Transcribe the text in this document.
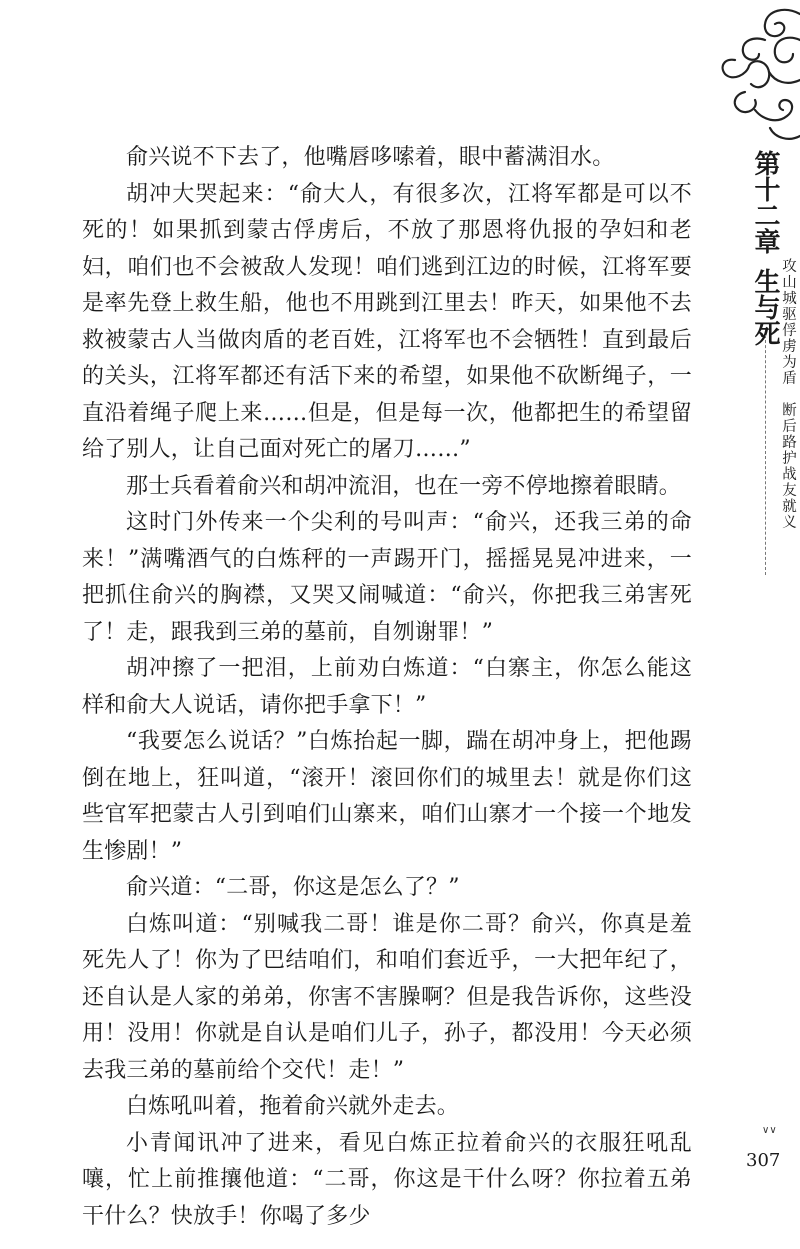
俞兴说不下去了，他嘴唇哆嗦着，眼中蓄满泪水。

胡冲大哭起来：“俞大人，有很多次，江将军都是可以不死的！如果抓到蒙古俘虏后，不放了那恩将仇报的孕妇和老妇，咱们也不会被敌人发现！咱们逃到江边的时候，江将军要是率先登上救生船，他也不用跳到江里去！昨天，如果他不去救被蒙古人当做肉盾的老百姓，江将军也不会牺牲！直到最后的关头，江将军都还有活下来的希望，如果他不砍断绳子，一直沿着绳子爬上来……但是，但是每一次，他都把生的希望留给了别人，让自己面对死亡的屠刀……”

那士兵看着俞兴和胡冲流泪，也在一旁不停地擦着眼睛。

这时门外传来一个尖利的号叫声：“俞兴，还我三弟的命来！”满嘴酒气的白炼秤的一声踢开门，摇摇晃晃冲进来，一把抓住俞兴的胸襟，又哭又闹喊道：“俞兴，你把我三弟害死了！走，跟我到三弟的墓前，自刎谢罪！”

胡冲擦了一把泪，上前劝白炼道：“白寨主，你怎么能这样和俞大人说话，请你把手拿下！”

“我要怎么说话？”白炼抬起一脚，踹在胡冲身上，把他踢倒在地上，狂叫道，“滚开！滚回你们的城里去！就是你们这些官军把蒙古人引到咱们山寨来，咱们山寨才一个接一个地发生惨剧！”

俞兴道：“二哥，你这是怎么了？”

白炼叫道：“别喊我二哥！谁是你二哥？俞兴，你真是羞死先人了！你为了巴结咱们，和咱们套近乎，一大把年纪了，还自认是人家的弟弟，你害不害臊啊？但是我告诉你，这些没用！没用！你就是自认是咱们儿子，孙子，都没用！今天必须去我三弟的墓前给个交代！走！”

白炼吼叫着，拖着俞兴就外走去。

小青闻讯冲了进来，看见白炼正拉着俞兴的衣服狂吼乱嚷，忙上前推攘他道：“二哥，你这是干什么呀？你拉着五弟干什么？快放手！你喝了多少

第十二章
生与死 攻山城驱俘虏为盾　断后路护战友就义
∨∨
307
